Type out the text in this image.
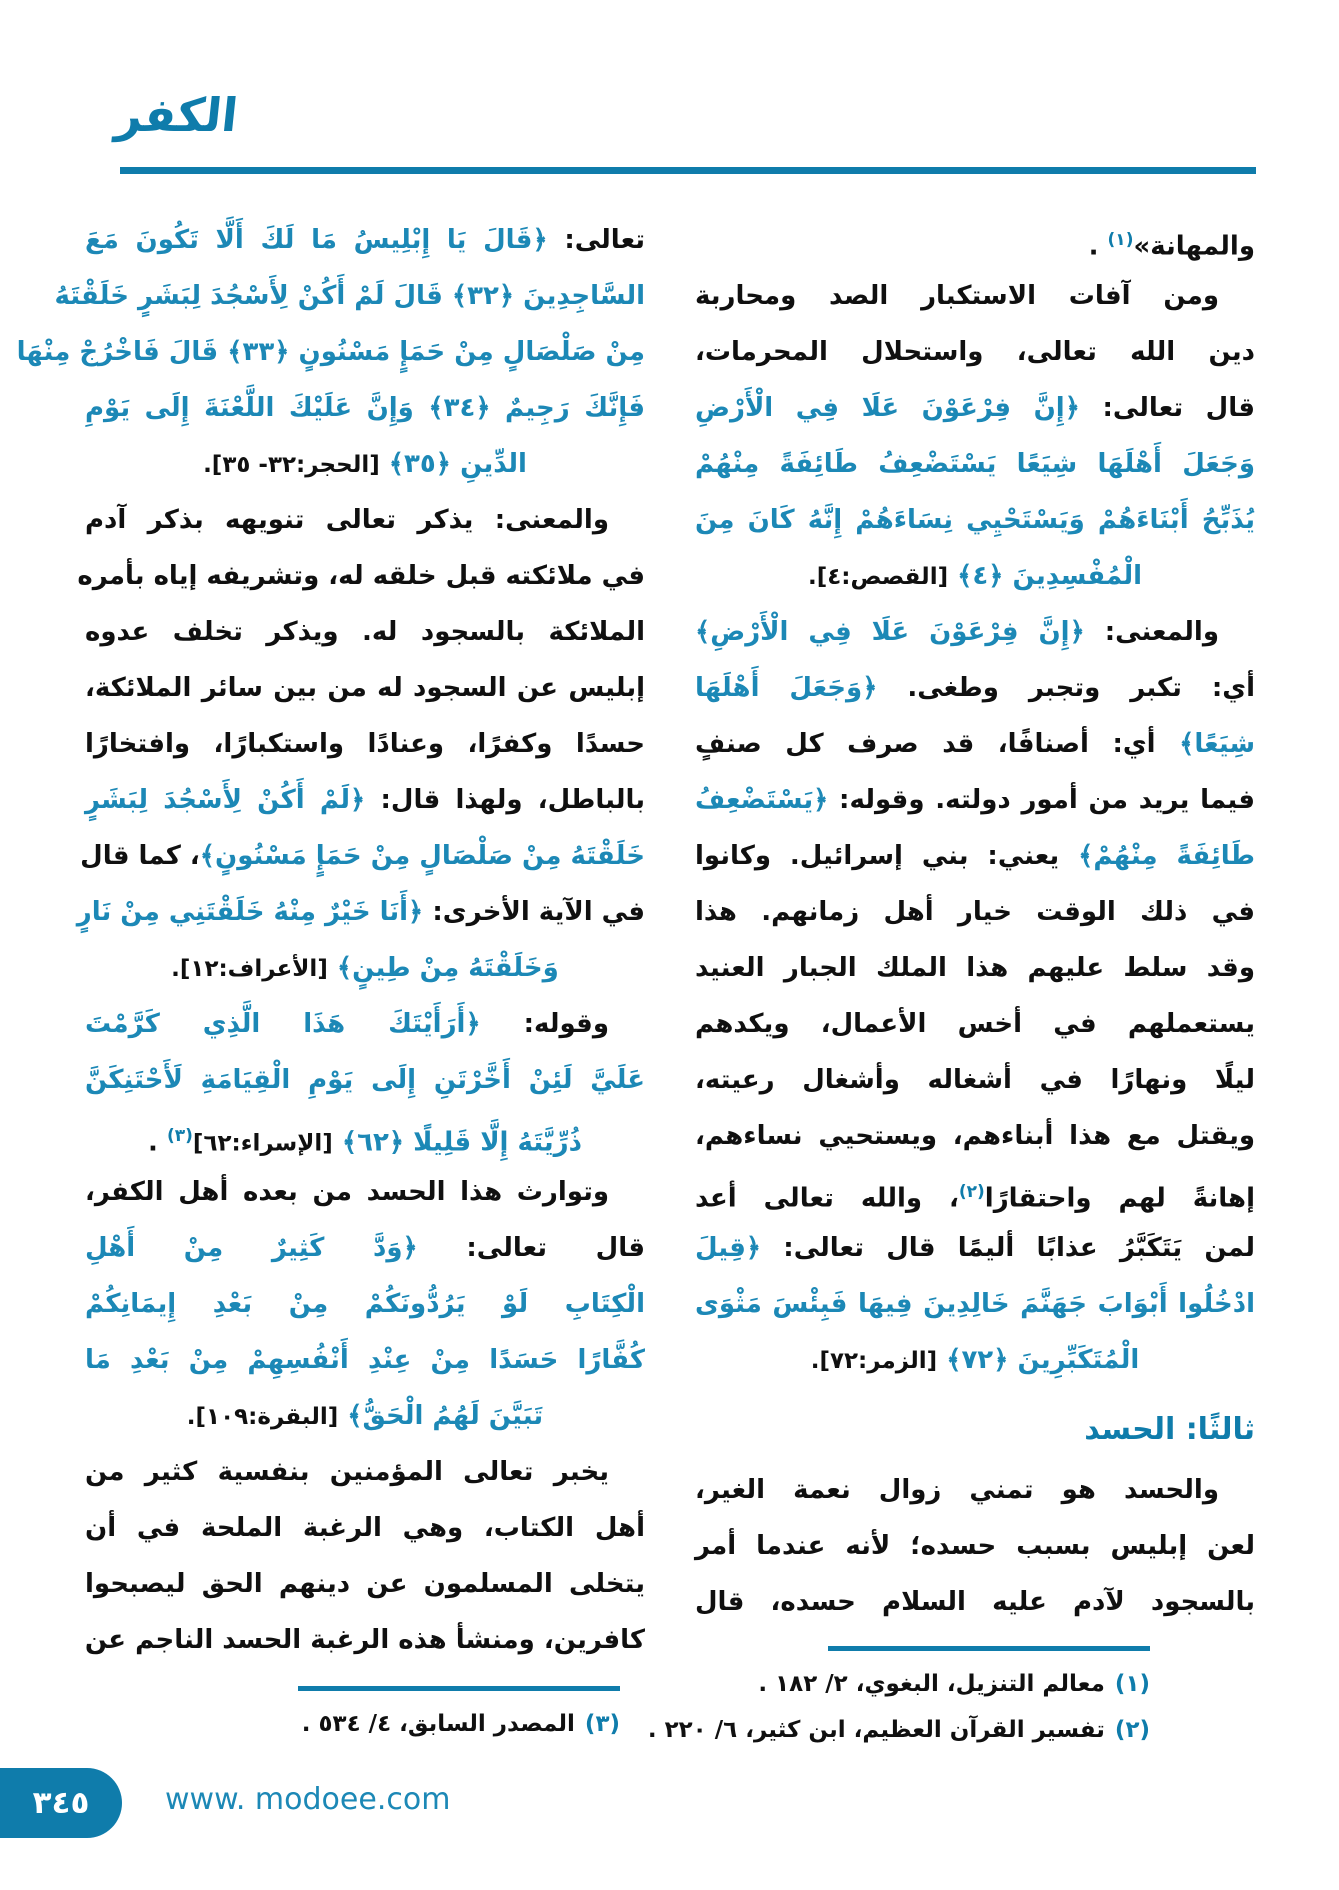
الكفر
والمهانة»$^{(١)}$ .
ومن آفات الاستكبار الصد ومحاربة
دين الله تعالى، واستحلال المحرمات،
قال تعالى: ﴿إِنَّ فِرْعَوْنَ عَلَا فِي الْأَرْضِ
وَجَعَلَ أَهْلَهَا شِيَعًا يَسْتَضْعِفُ طَائِفَةً مِنْهُمْ
يُذَبِّحُ أَبْنَاءَهُمْ وَيَسْتَحْيِي نِسَاءَهُمْ إِنَّهُ كَانَ مِنَ
الْمُفْسِدِينَ ﴿٤﴾ [القصص:٤].
والمعنى: ﴿إِنَّ فِرْعَوْنَ عَلَا فِي الْأَرْضِ﴾
أي: تكبر وتجبر وطغى. ﴿وَجَعَلَ أَهْلَهَا
شِيَعًا﴾ أي: أصنافًا، قد صرف كل صنفٍ
فيما يريد من أمور دولته. وقوله: ﴿يَسْتَضْعِفُ
طَائِفَةً مِنْهُمْ﴾ يعني: بني إسرائيل. وكانوا
في ذلك الوقت خيار أهل زمانهم. هذا
وقد سلط عليهم هذا الملك الجبار العنيد
يستعملهم في أخس الأعمال، ويكدهم
ليلًا ونهارًا في أشغاله وأشغال رعيته،
ويقتل مع هذا أبناءهم، ويستحيي نساءهم،
إهانةً لهم واحتقارًا$^{(٢)}$، والله تعالى أعد
لمن يَتَكَبَّرُ عذابًا أليمًا قال تعالى: ﴿قِيلَ
ادْخُلُوا أَبْوَابَ جَهَنَّمَ خَالِدِينَ فِيهَا فَبِئْسَ مَثْوَى
الْمُتَكَبِّرِينَ ﴿٧٢﴾ [الزمر:٧٢].
ثالثًا: الحسد
والحسد هو تمني زوال نعمة الغير،
لعن إبليس بسبب حسده؛ لأنه عندما أمر
بالسجود لآدم عليه السلام حسده، قال
تعالى: ﴿قَالَ يَا إِبْلِيسُ مَا لَكَ أَلَّا تَكُونَ مَعَ
السَّاجِدِينَ ﴿٣٢﴾ قَالَ لَمْ أَكُنْ لِأَسْجُدَ لِبَشَرٍ خَلَقْتَهُ
مِنْ صَلْصَالٍ مِنْ حَمَإٍ مَسْنُونٍ ﴿٣٣﴾ قَالَ فَاخْرُجْ مِنْهَا
فَإِنَّكَ رَجِيمٌ ﴿٣٤﴾ وَإِنَّ عَلَيْكَ اللَّعْنَةَ إِلَى يَوْمِ
الدِّينِ ﴿٣٥﴾ [الحجر:٣٢- ٣٥].
والمعنى: يذكر تعالى تنويهه بذكر آدم
في ملائكته قبل خلقه له، وتشريفه إياه بأمره
الملائكة بالسجود له. ويذكر تخلف عدوه
إبليس عن السجود له من بين سائر الملائكة،
حسدًا وكفرًا، وعنادًا واستكبارًا، وافتخارًا
بالباطل، ولهذا قال: ﴿لَمْ أَكُنْ لِأَسْجُدَ لِبَشَرٍ
خَلَقْتَهُ مِنْ صَلْصَالٍ مِنْ حَمَإٍ مَسْنُونٍ﴾، كما قال
في الآية الأخرى: ﴿أَنَا خَيْرٌ مِنْهُ خَلَقْتَنِي مِنْ نَارٍ
وَخَلَقْتَهُ مِنْ طِينٍ﴾ [الأعراف:١٢].
وقوله: ﴿أَرَأَيْتَكَ هَذَا الَّذِي كَرَّمْتَ
عَلَيَّ لَئِنْ أَخَّرْتَنِ إِلَى يَوْمِ الْقِيَامَةِ لَأَحْتَنِكَنَّ
ذُرِّيَّتَهُ إِلَّا قَلِيلًا ﴿٦٢﴾ [الإسراء:٦٢]$^{(٣)}$ .
وتوارث هذا الحسد من بعده أهل الكفر،
قال تعالى: ﴿وَدَّ كَثِيرٌ مِنْ أَهْلِ
الْكِتَابِ لَوْ يَرُدُّونَكُمْ مِنْ بَعْدِ إِيمَانِكُمْ
كُفَّارًا حَسَدًا مِنْ عِنْدِ أَنْفُسِهِمْ مِنْ بَعْدِ مَا
تَبَيَّنَ لَهُمُ الْحَقُّ﴾ [البقرة:١٠٩].
يخبر تعالى المؤمنين بنفسية كثير من
أهل الكتاب، وهي الرغبة الملحة في أن
يتخلى المسلمون عن دينهم الحق ليصبحوا
كافرين، ومنشأ هذه الرغبة الحسد الناجم عن
(١)معالم التنزيل، البغوي، ٢/ ١٨٢ .
(٢)تفسير القرآن العظيم، ابن كثير، ٦/ ٢٢٠ .
(٣)المصدر السابق، ٤/ ٥٣٤ .
٣٤٥	www. modoee.com
